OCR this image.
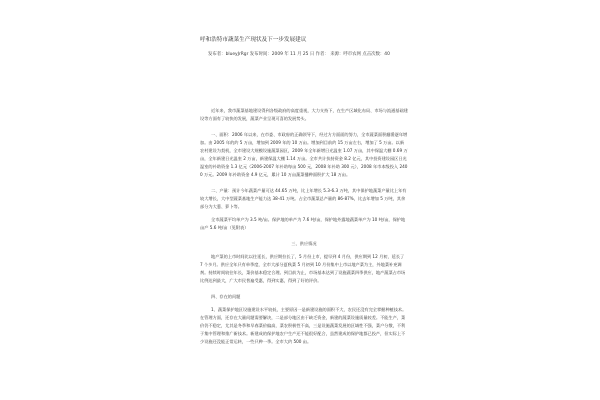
呼和浩特市蔬菜生产现状及下一步发展建议
发布者：blueyJrRgr 发布时间：2009 年 11 月 25 日 作者： 来源：呼市农网 点击次数：40

近年来，我市蔬菜基地建设得到各级政府的高度重视，大力支持下，在生产区域化布局、市场与流通基础建设等方面有了较快的发展，蔬菜产业呈现可喜的发展势头。

一、面积：2006 年以来，在市委、市政府的正确领导下，经过方方面面的努力，全市蔬菜面积翻番逐年增加。由 2005 年的约 5 万亩，增加到 2009 年的 10 万亩。增加到目前约 15 万亩左右，增加了 5 万亩。以新农村建设为契机，全市建设大规模设施蔬菜园区，2009 年全年新增日光温室 1.07 万亩，其中保温大棚 0.69 万亩，全年新建日光温室 2 万亩，新建保温大棚 1.14 万亩。全市共计扶持资金 8.2 亿元，其中投资建设园区日光温室的补助资金 1.3 亿元（2006-2007 年补助每亩 500 元，2008 年补助 300 元），2008 年市本级投入 2400 万元。2009 年补助资金 4.9 亿元，累计 10 万亩蔬菜播种面积扩大 18 万亩。

二、产量：预计今年蔬菜产量可达 44.65 万吨，比上年增长 5.3-6.3 万吨，其中保护地蔬菜产量比上年有较大增长，大中型蔬菜基地生产能力达 38-41 万吨。占全市蔬菜总产量的 86-87%，比去年增加 5 万吨，其余部分为大葱、萝卜等。

全市蔬菜平均单产为 3.5 吨/亩。保护地的单产为 7.6 吨/亩，保护地外露地蔬菜单产为 10 吨/亩，保护地亩产 5.6 吨/亩（见附表）

三、供应情况

地产菜的上市时间比以往延长，供应期拉长了，5 月份上市，提早到 4 月份，供应期到 12 月初，延长了 7 个多月。供应全年只有单季度，全市大部分夏秋菜 5 月初到 10 月份集中上市以地产菜为主，外地菜补充调剂。持续时间较往年长，菜价基本稳定合理。到目前为止，市场基本达到了设施蔬菜四季供应，地产蔬菜占市场比例达到最大，广大市民普遍受惠，得到实惠，得到了好的评价。

四、存在的问题

1、蔬菜保护地区设施建设水平较低，主要原因一是新建设施的面积不大，农民还没有完全掌握种植技术。在管理方面，还存在大量问题需要解决，二是部分地区由于缺乏资金，新建的蔬菜设施质量较差。不能生产，菜价仍不稳定，尤其是冬季和早春菜价偏高，菜农积极性不高，三是设施蔬菜发展的区域性不强，菜户分散，不利于集中管理和推广新技术。新建成的保护地农户生产还不能很好配合，虽然建成的保护地都已投产，但实际上不少设施还没能正常运转，一些只种一季。全市大约 500 亩。
